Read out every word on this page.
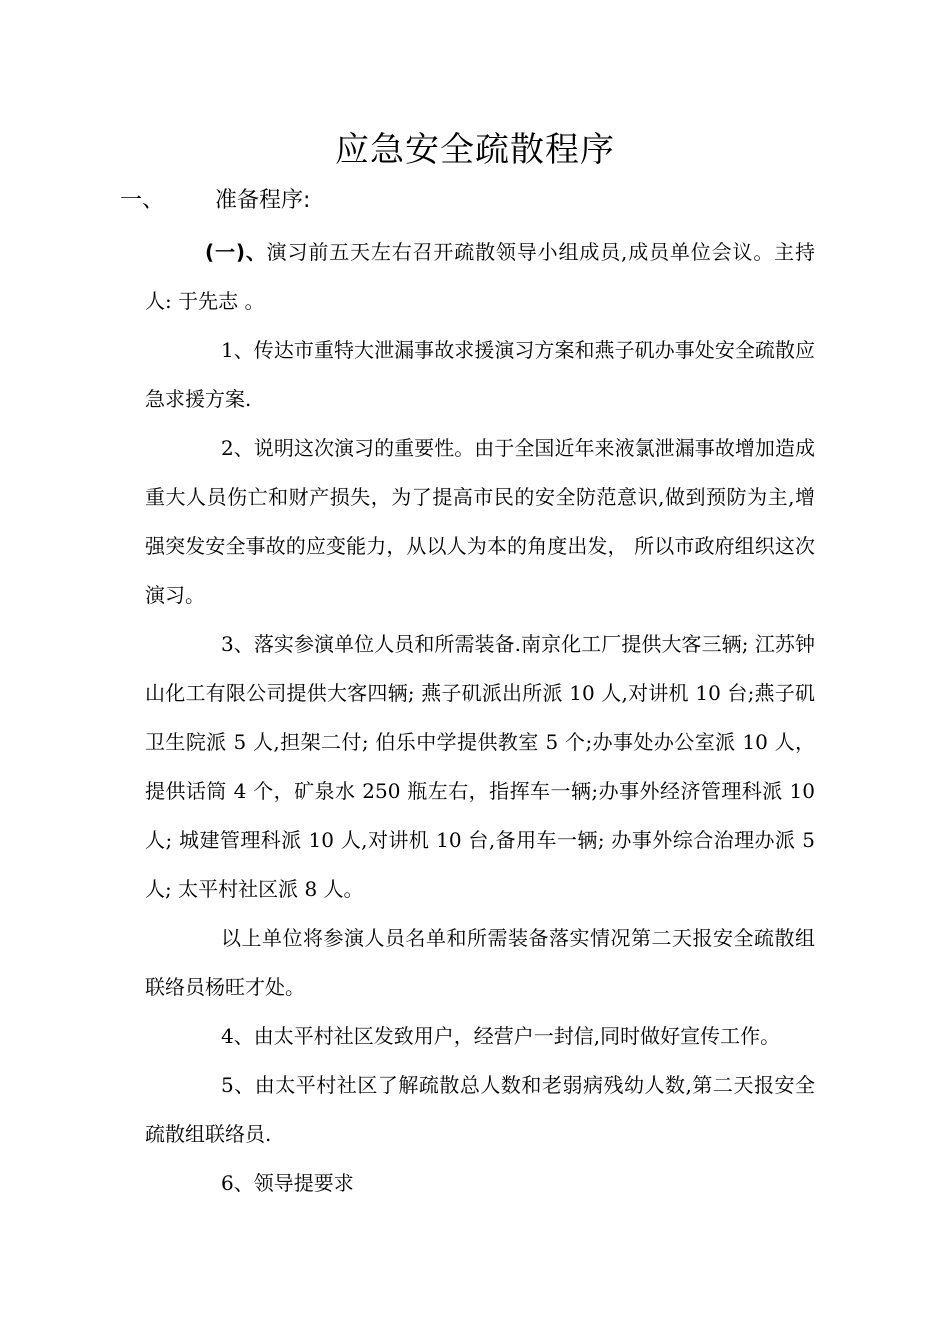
应急安全疏散程序
一、 准备程序:

(一)、演习前五天左右召开疏散领导小组成员,成员单位会议。主持人: 于先志 。

1、传达市重特大泄漏事故求援演习方案和燕子矶办事处安全疏散应急求援方案.

2、说明这次演习的重要性。由于全国近年来液氯泄漏事故增加造成重大人员伤亡和财产损失，为了提高市民的安全防范意识,做到预防为主,增强突发安全事故的应变能力，从以人为本的角度出发， 所以市政府组织这次演习。

3、落实参演单位人员和所需装备.南京化工厂提供大客三辆; 江苏钟山化工有限公司提供大客四辆; 燕子矶派出所派 10 人,对讲机 10 台;燕子矶卫生院派 5 人,担架二付; 伯乐中学提供教室 5 个;办事处办公室派 10 人，提供话筒 4 个，矿泉水 250 瓶左右，指挥车一辆;办事外经济管理科派 10 人; 城建管理科派 10 人,对讲机 10 台,备用车一辆; 办事外综合治理办派 5 人; 太平村社区派 8 人。

以上单位将参演人员名单和所需装备落实情况第二天报安全疏散组联络员杨旺才处。

4、由太平村社区发致用户，经营户一封信,同时做好宣传工作。

5、由太平村社区了解疏散总人数和老弱病残幼人数,第二天报安全疏散组联络员.

6、领导提要求
